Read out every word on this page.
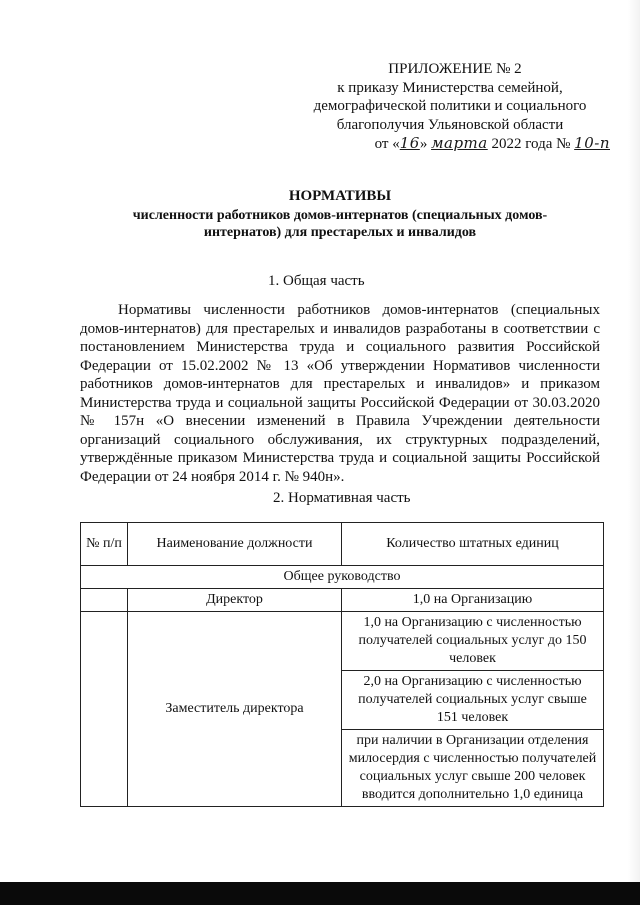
ПРИЛОЖЕНИЕ № 2
к приказу Министерства семейной,
демографической политики и социального
благополучия Ульяновской области
от «16» марта 2022 года № 10-п
НОРМАТИВЫ
численности работников домов-интернатов (специальных домов-
интернатов) для престарелых и инвалидов
1. Общая часть
Нормативы численности работников домов-интернатов (специальных домов-интернатов) для престарелых и инвалидов разработаны в соответствии с постановлением Министерства труда и социального развития Российской Федерации от 15.02.2002 № 13 «Об утверждении Нормативов численности работников домов-интернатов для престарелых и инвалидов» и приказом Министерства труда и социальной защиты Российской Федерации от 30.03.2020 № 157н «О внесении изменений в Правила Учреждении деятельности организаций социального обслуживания, их структурных подразделений, утверждённые приказом Министерства труда и социальной защиты Российской Федерации от 24 ноября 2014 г. № 940н».
2. Нормативная часть
№ п/п	Наименование должности	Количество штатных единиц
Общее руководство		
	Директор	1,0 на Организацию
	Заместитель директора	1,0 на Организацию с численностью получателей социальных услуг до 150 человек
		2,0 на Организацию с численностью получателей социальных услуг свыше 151 человек
		при наличии в Организации отделения милосердия с численностью получателей социальных услуг свыше 200 человек вводится дополнительно 1,0 единица
